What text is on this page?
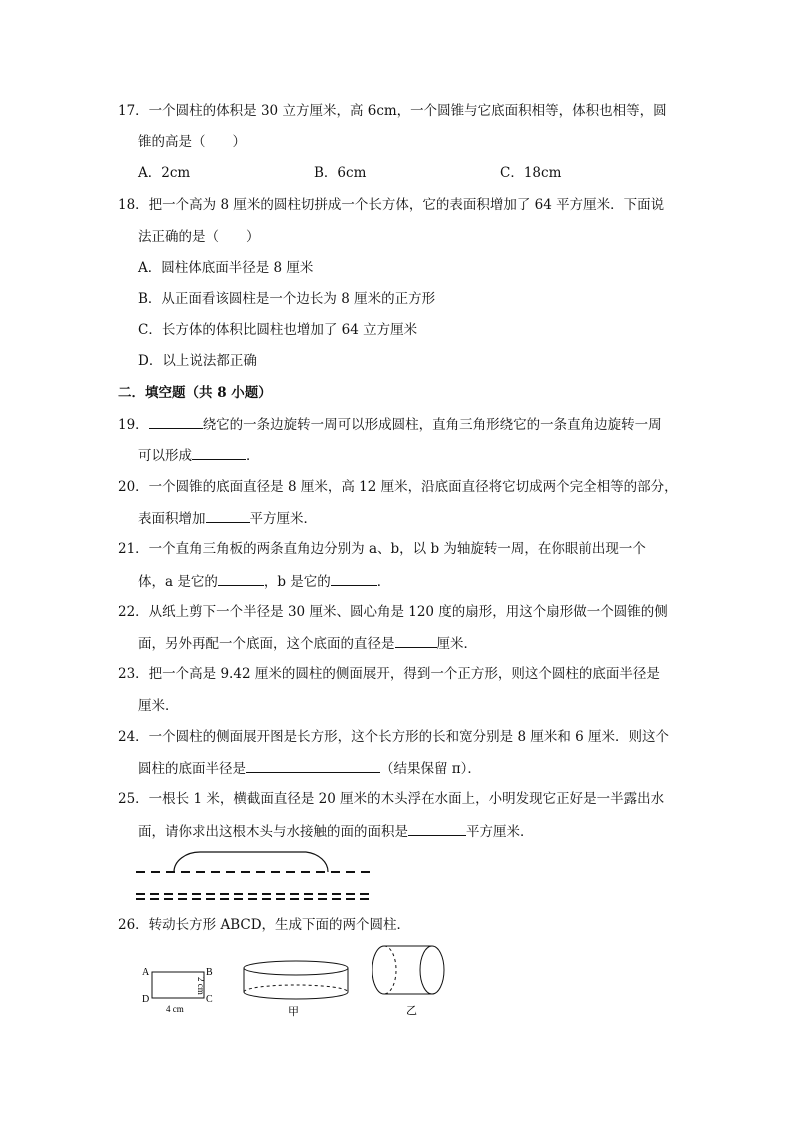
17．一个圆柱的体积是 30 立方厘米，高 6cm，一个圆锥与它底面积相等，体积也相等，圆
锥的高是（　　）
A．2cm	B．6cm	C．18cm
18．把一个高为 8 厘米的圆柱切拼成一个长方体，它的表面积增加了 64 平方厘米．下面说
法正确的是（　　）
A．圆柱体底面半径是 8 厘米
B．从正面看该圆柱是一个边长为 8 厘米的正方形
C．长方体的体积比圆柱也增加了 64 立方厘米
D．以上说法都正确
二．填空题（共 8 小题）
19．	绕它的一条边旋转一周可以形成圆柱，直角三角形绕它的一条直角边旋转一周
可以形成	．
20．一个圆锥的底面直径是 8 厘米，高 12 厘米，沿底面直径将它切成两个完全相等的部分，
表面积增加	平方厘米．
21．一个直角三角板的两条直角边分别为 a、b，以 b 为轴旋转一周，在你眼前出现一个
体，a 是它的	，b 是它的	．
22．从纸上剪下一个半径是 30 厘米、圆心角是 120 度的扇形，用这个扇形做一个圆锥的侧
面，另外再配一个底面，这个底面的直径是	厘米．
23．把一个高是 9.42 厘米的圆柱的侧面展开，得到一个正方形，则这个圆柱的底面半径是
厘米．
24．一个圆柱的侧面展开图是长方形，这个长方形的长和宽分别是 8 厘米和 6 厘米．则这个
圆柱的底面半径是	（结果保留 π）．
25．一根长 1 米，横截面直径是 20 厘米的木头浮在水面上，小明发现它正好是一半露出水
面，请你求出这根木头与水接触的面的面积是	平方厘米．
26．转动长方形 ABCD，生成下面的两个圆柱．
A	B
C
D
4 cm
2 cm
甲	乙
